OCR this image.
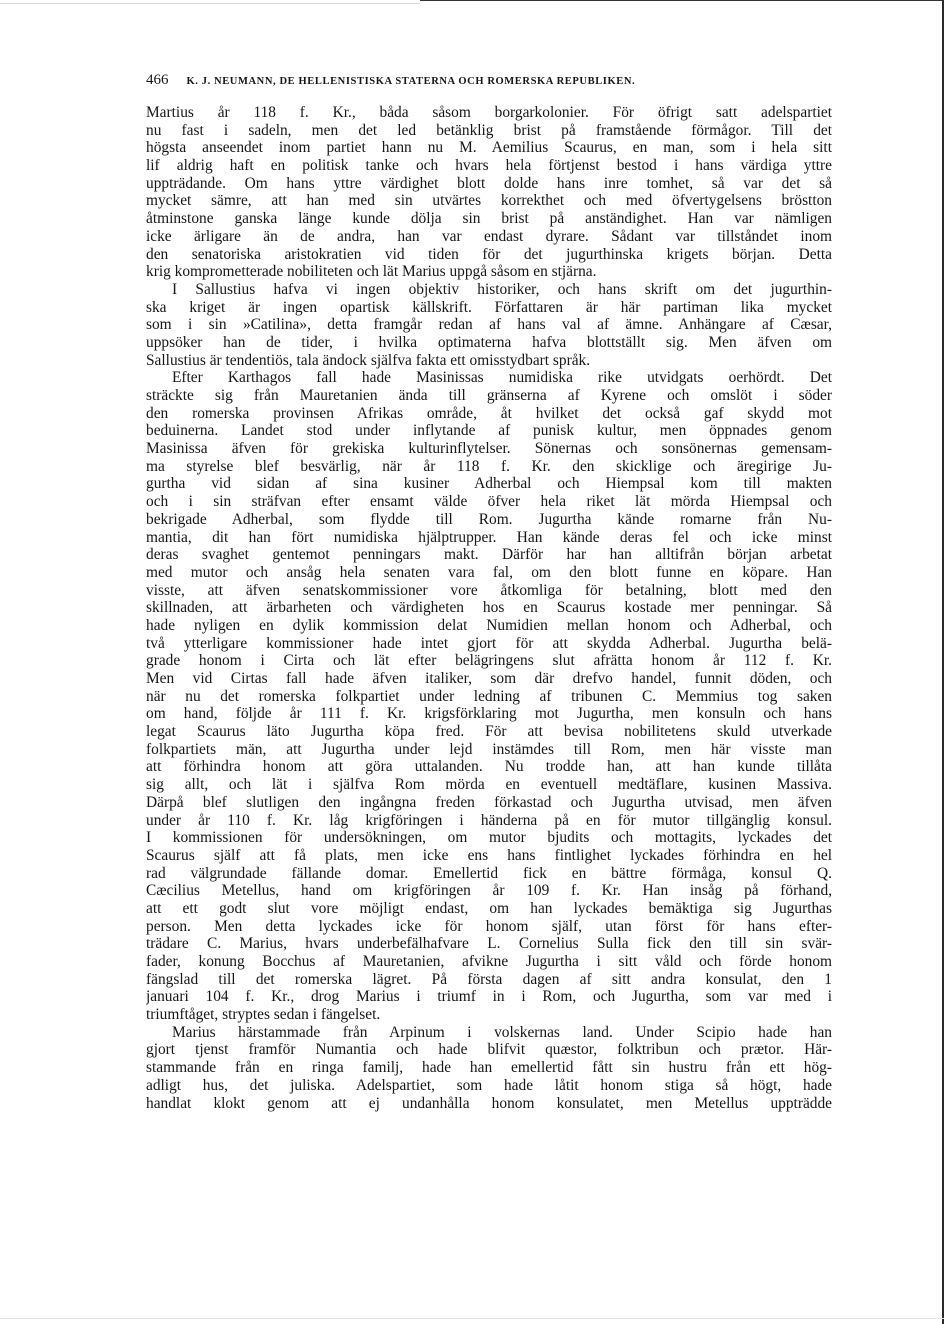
466 K. J. NEUMANN, DE HELLENISTISKA STATERNA OCH ROMERSKA REPUBLIKEN.
Martius år 118 f. Kr., båda såsom borgarkolonier. För öfrigt satt adelspartiet
nu fast i sadeln, men det led betänklig brist på framstående förmågor. Till det
högsta anseendet inom partiet hann nu M. Aemilius Scaurus, en man, som i hela sitt
lif aldrig haft en politisk tanke och hvars hela förtjenst bestod i hans värdiga yttre
uppträdande. Om hans yttre värdighet blott dolde hans inre tomhet, så var det så
mycket sämre, att han med sin utvärtes korrekthet och med öfvertygelsens bröstton
åtminstone ganska länge kunde dölja sin brist på anständighet. Han var nämligen
icke ärligare än de andra, han var endast dyrare. Sådant var tillståndet inom
den senatoriska aristokratien vid tiden för det jugurthinska krigets början. Detta
krig komprometterade nobiliteten och lät Marius uppgå såsom en stjärna.
I Sallustius hafva vi ingen objektiv historiker, och hans skrift om det jugurthin-
ska kriget är ingen opartisk källskrift. Författaren är här partiman lika mycket
som i sin »Catilina», detta framgår redan af hans val af ämne. Anhängare af Cæsar,
uppsöker han de tider, i hvilka optimaterna hafva blottställt sig. Men äfven om
Sallustius är tendentiös, tala ändock själfva fakta ett omisstydbart språk.
Efter Karthagos fall hade Masinissas numidiska rike utvidgats oerhördt. Det
sträckte sig från Mauretanien ända till gränserna af Kyrene och omslöt i söder
den romerska provinsen Afrikas område, åt hvilket det också gaf skydd mot
beduinerna. Landet stod under inflytande af punisk kultur, men öppnades genom
Masinissa äfven för grekiska kulturinflytelser. Sönernas och sonsönernas gemensam-
ma styrelse blef besvärlig, när år 118 f. Kr. den skicklige och äregirige Ju-
gurtha vid sidan af sina kusiner Adherbal och Hiempsal kom till makten
och i sin sträfvan efter ensamt välde öfver hela riket lät mörda Hiempsal och
bekrigade Adherbal, som flydde till Rom. Jugurtha kände romarne från Nu-
mantia, dit han fört numidiska hjälptrupper. Han kände deras fel och icke minst
deras svaghet gentemot penningars makt. Därför har han alltifrån början arbetat
med mutor och ansåg hela senaten vara fal, om den blott funne en köpare. Han
visste, att äfven senatskommissioner vore åtkomliga för betalning, blott med den
skillnaden, att ärbarheten och värdigheten hos en Scaurus kostade mer penningar. Så
hade nyligen en dylik kommission delat Numidien mellan honom och Adherbal, och
två ytterligare kommissioner hade intet gjort för att skydda Adherbal. Jugurtha belä-
grade honom i Cirta och lät efter belägringens slut afrätta honom år 112 f. Kr.
Men vid Cirtas fall hade äfven italiker, som där drefvo handel, funnit döden, och
när nu det romerska folkpartiet under ledning af tribunen C. Memmius tog saken
om hand, följde år 111 f. Kr. krigsförklaring mot Jugurtha, men konsuln och hans
legat Scaurus läto Jugurtha köpa fred. För att bevisa nobilitetens skuld utverkade
folkpartiets män, att Jugurtha under lejd instämdes till Rom, men här visste man
att förhindra honom att göra uttalanden. Nu trodde han, att han kunde tillåta
sig allt, och lät i själfva Rom mörda en eventuell medtäflare, kusinen Massiva.
Därpå blef slutligen den ingångna freden förkastad och Jugurtha utvisad, men äfven
under år 110 f. Kr. låg krigföringen i händerna på en för mutor tillgänglig konsul.
I kommissionen för undersökningen, om mutor bjudits och mottagits, lyckades det
Scaurus själf att få plats, men icke ens hans fintlighet lyckades förhindra en hel
rad välgrundade fällande domar. Emellertid fick en bättre förmåga, konsul Q.
Cæcilius Metellus, hand om krigföringen år 109 f. Kr. Han insåg på förhand,
att ett godt slut vore möjligt endast, om han lyckades bemäktiga sig Jugurthas
person. Men detta lyckades icke för honom själf, utan först för hans efter-
trädare C. Marius, hvars underbefälhafvare L. Cornelius Sulla fick den till sin svär-
fader, konung Bocchus af Mauretanien, afvikne Jugurtha i sitt våld och förde honom
fängslad till det romerska lägret. På första dagen af sitt andra konsulat, den 1
januari 104 f. Kr., drog Marius i triumf in i Rom, och Jugurtha, som var med i
triumftåget, stryptes sedan i fängelset.
Marius härstammade från Arpinum i volskernas land. Under Scipio hade han
gjort tjenst framför Numantia och hade blifvit quæstor, folktribun och prætor. Här-
stammande från en ringa familj, hade han emellertid fått sin hustru från ett hög-
adligt hus, det juliska. Adelspartiet, som hade låtit honom stiga så högt, hade
handlat klokt genom att ej undanhålla honom konsulatet, men Metellus uppträdde
